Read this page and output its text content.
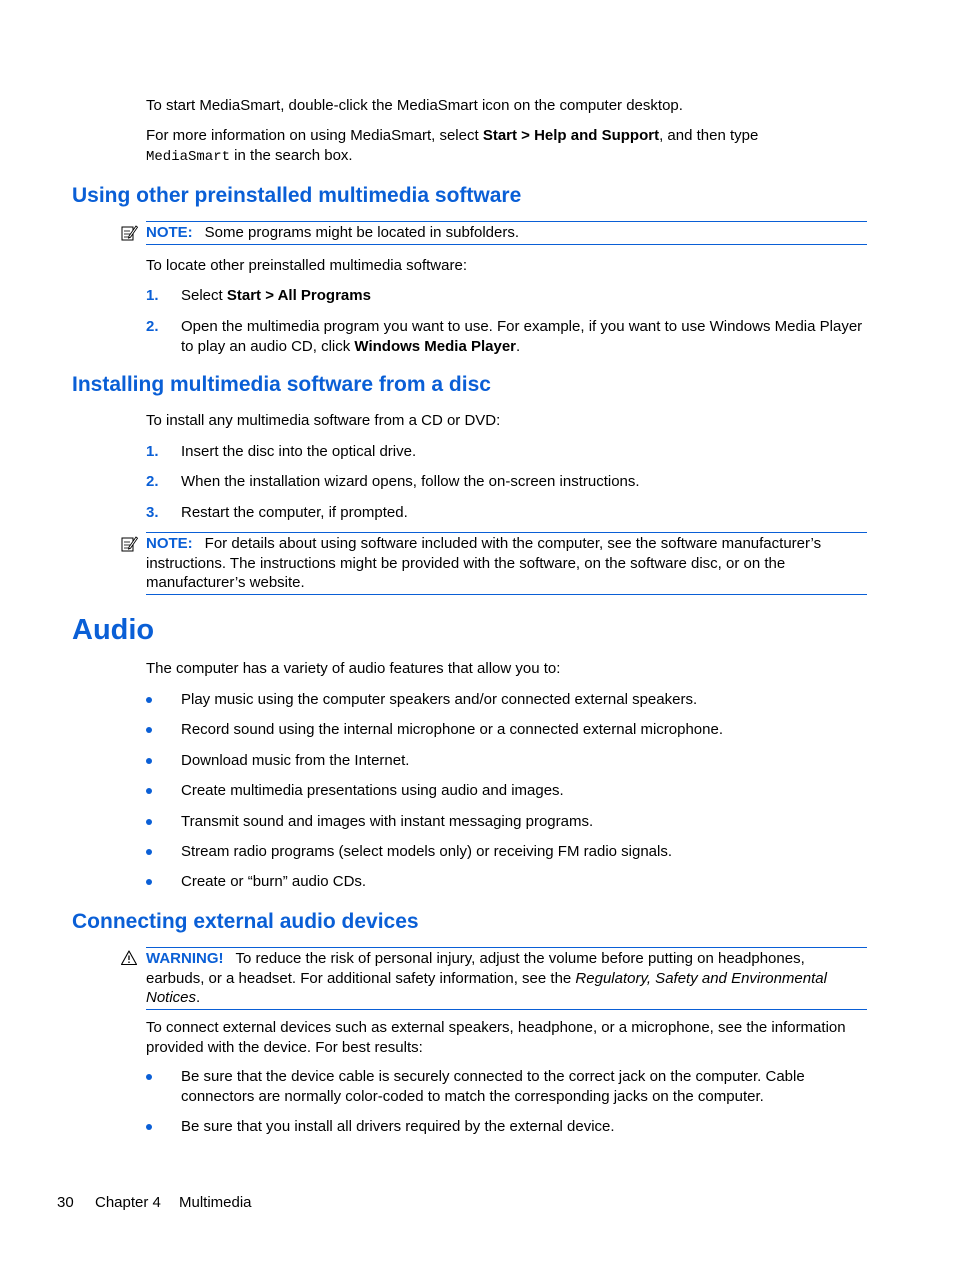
To start MediaSmart, double-click the MediaSmart icon on the computer desktop.
For more information on using MediaSmart, select Start > Help and Support, and then type
MediaSmart in the search box.
Using other preinstalled multimedia software
NOTE: Some programs might be located in subfolders.
To locate other preinstalled multimedia software:
1. Select Start > All Programs
2. Open the multimedia program you want to use. For example, if you want to use Windows Media Player to play an audio CD, click Windows Media Player.
Installing multimedia software from a disc
To install any multimedia software from a CD or DVD:
1. Insert the disc into the optical drive.
2. When the installation wizard opens, follow the on-screen instructions.
3. Restart the computer, if prompted.
NOTE: For details about using software included with the computer, see the software manufacturer’s instructions. The instructions might be provided with the software, on the software disc, or on the manufacturer’s website.
Audio
The computer has a variety of audio features that allow you to:
Play music using the computer speakers and/or connected external speakers.
Record sound using the internal microphone or a connected external microphone.
Download music from the Internet.
Create multimedia presentations using audio and images.
Transmit sound and images with instant messaging programs.
Stream radio programs (select models only) or receiving FM radio signals.
Create or “burn” audio CDs.
Connecting external audio devices
WARNING! To reduce the risk of personal injury, adjust the volume before putting on headphones, earbuds, or a headset. For additional safety information, see the Regulatory, Safety and Environmental Notices.
To connect external devices such as external speakers, headphone, or a microphone, see the information provided with the device. For best results:
Be sure that the device cable is securely connected to the correct jack on the computer. Cable connectors are normally color-coded to match the corresponding jacks on the computer.
Be sure that you install all drivers required by the external device.
30 Chapter 4 Multimedia
